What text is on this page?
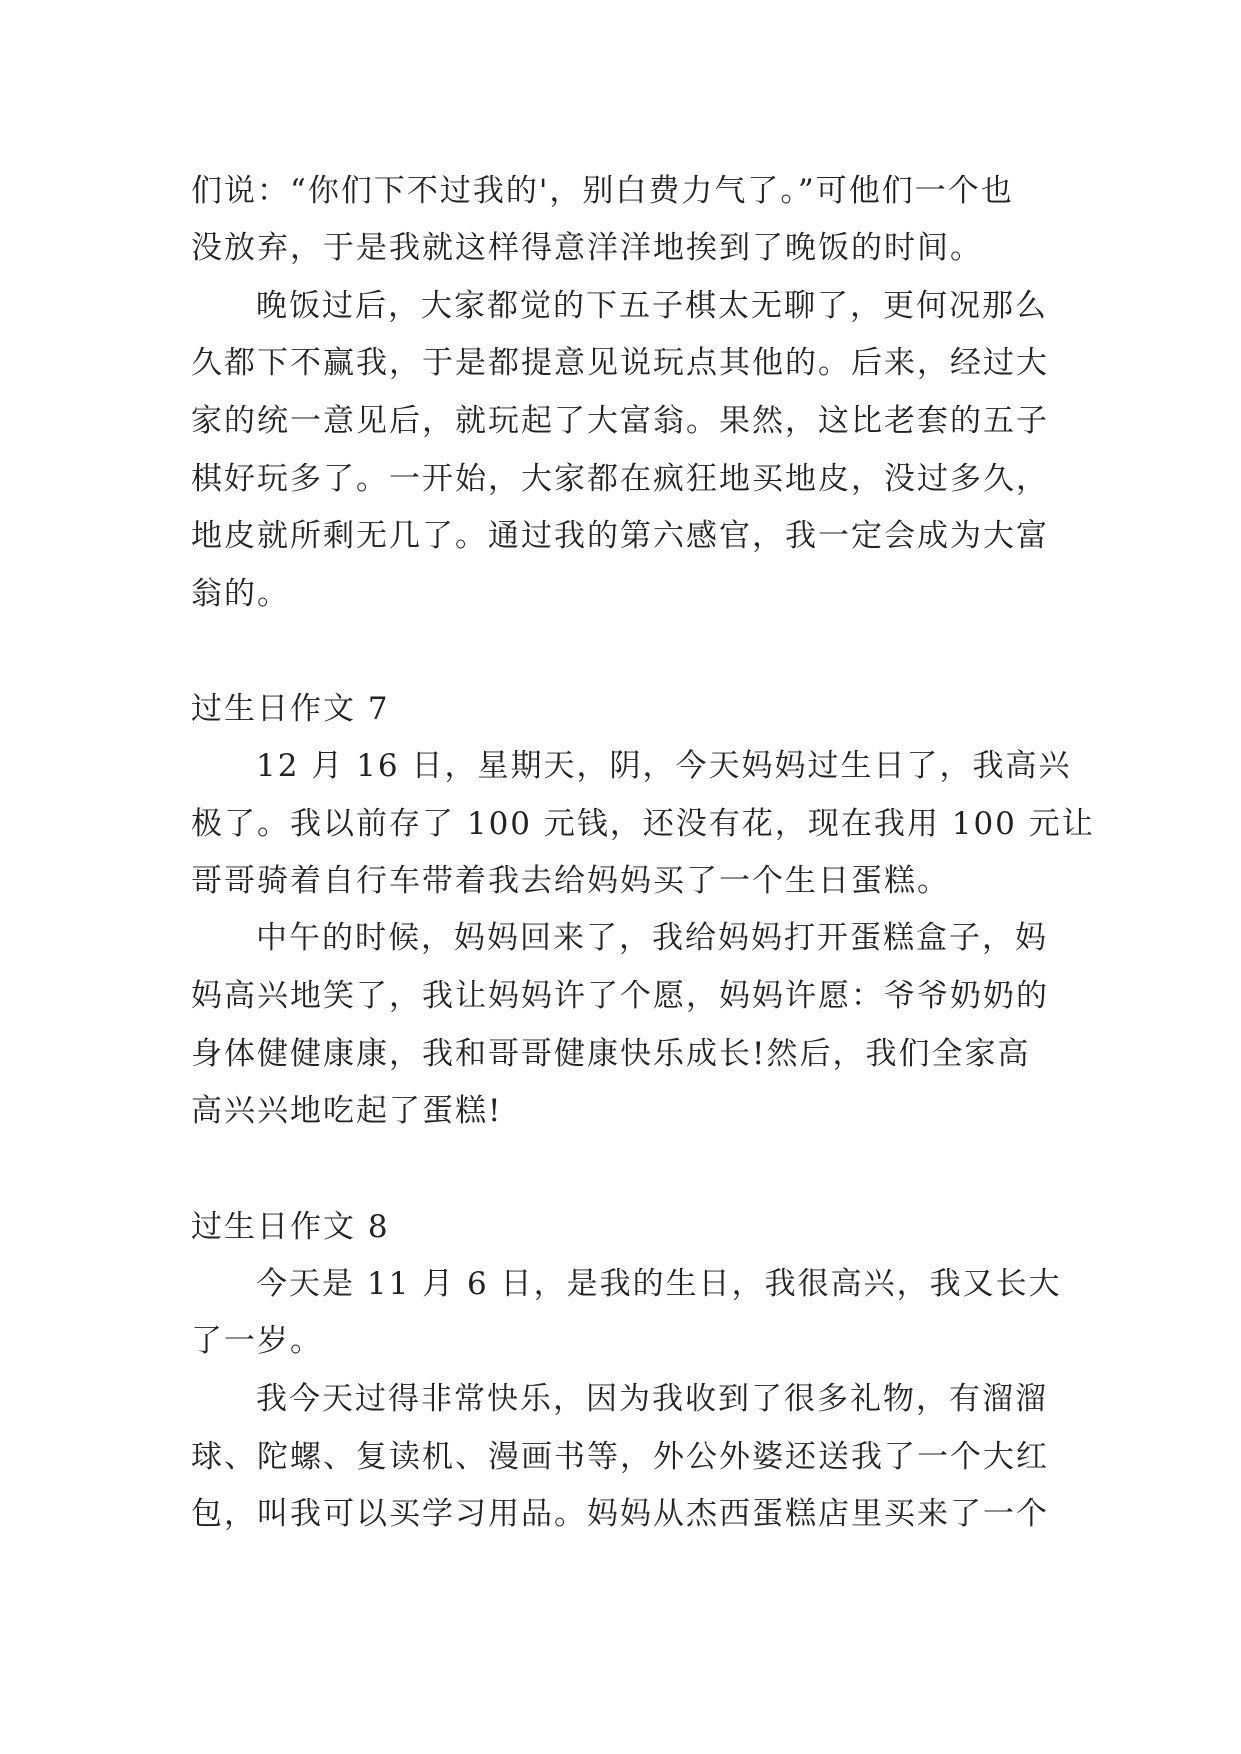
们说：“你们下不过我的'，别白费力气了。”可他们一个也
没放弃，于是我就这样得意洋洋地挨到了晚饭的时间。
晚饭过后，大家都觉的下五子棋太无聊了，更何况那么
久都下不赢我，于是都提意见说玩点其他的。后来，经过大
家的统一意见后，就玩起了大富翁。果然，这比老套的五子
棋好玩多了。一开始，大家都在疯狂地买地皮，没过多久，
地皮就所剩无几了。通过我的第六感官，我一定会成为大富
翁的。
过生日作文 7
12 月 16 日，星期天，阴，今天妈妈过生日了，我高兴
极了。我以前存了 100 元钱，还没有花，现在我用 100 元让
哥哥骑着自行车带着我去给妈妈买了一个生日蛋糕。
中午的时候，妈妈回来了，我给妈妈打开蛋糕盒子，妈
妈高兴地笑了，我让妈妈许了个愿，妈妈许愿：爷爷奶奶的
身体健健康康，我和哥哥健康快乐成长!然后，我们全家高
高兴兴地吃起了蛋糕!
过生日作文 8
今天是 11 月 6 日，是我的生日，我很高兴，我又长大
了一岁。
我今天过得非常快乐，因为我收到了很多礼物，有溜溜
球、陀螺、复读机、漫画书等，外公外婆还送我了一个大红
包，叫我可以买学习用品。妈妈从杰西蛋糕店里买来了一个
